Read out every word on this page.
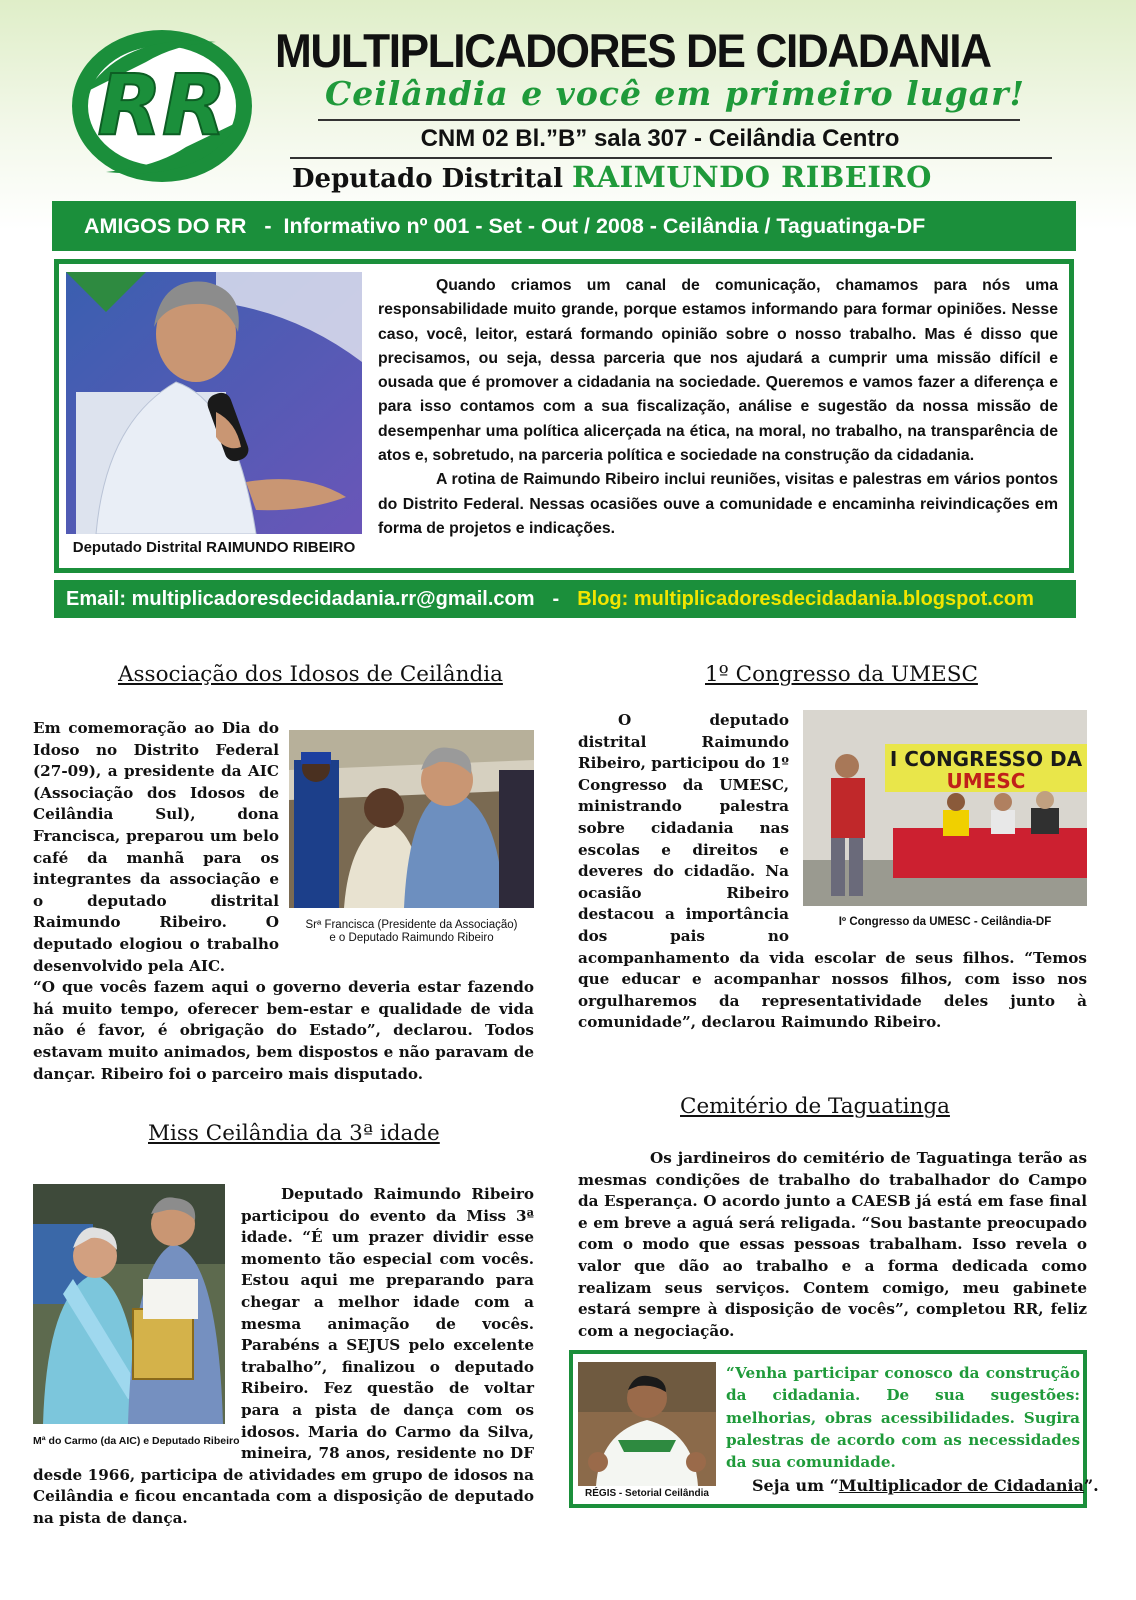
RR
MULTIPLICADORES DE CIDADANIA
Ceilândia e você em primeiro lugar!
CNM 02 Bl.”B” sala 307 - Ceilândia Centro
Deputado Distrital RAIMUNDO RIBEIRO
AMIGOS DO RR   -  Informativo nº 001 - Set - Out / 2008 - Ceilândia / Taguatinga-DF
Deputado Distrital RAIMUNDO RIBEIRO

Quando criamos um canal de comunicação, chamamos para nós uma responsabilidade muito grande, porque estamos informando para formar opiniões. Nesse caso, você, leitor, estará formando opinião sobre o nosso trabalho. Mas é disso que precisamos, ou seja, dessa parceria que nos ajudará a cumprir uma missão difícil e ousada que é promover a cidadania na sociedade. Queremos e vamos fazer a diferença e para isso contamos com a sua fiscalização, análise e sugestão da nossa missão de desempenhar uma política alicerçada na ética, na moral, no trabalho, na transparência de atos e, sobretudo, na parceria política e sociedade na construção da cidadania.

A rotina de Raimundo Ribeiro inclui reuniões, visitas e palestras em vários pontos do Distrito Federal. Nessas ocasiões ouve a comunidade e encaminha reivindicações em forma de projetos e indicações.

Email: multiplicadoresdecidadania.rr@gmail.com - Blog: multiplicadoresdecidadania.blogspot.com
Associação dos Idosos de Ceilândia
Srª Francisca (Presidente da Associação)
e o Deputado Raimundo Ribeiro

Em comemoração ao Dia do Idoso no Distrito Federal (27-09), a presidente da AIC (Associação dos Idosos de Ceilândia Sul), dona Francisca, preparou um belo café da manhã para os integrantes da associação e o deputado distrital Raimundo Ribeiro. O deputado elogiou o trabalho desenvolvido pela AIC.

“O que vocês fazem aqui o governo deveria estar fazendo há muito tempo, oferecer bem-estar e qualidade de vida não é favor, é obrigação do Estado”, declarou. Todos estavam muito animados, bem dispostos e não paravam de dançar. Ribeiro foi o parceiro mais disputado.

1º Congresso da UMESC
I CONGRESSO DA
UMESC
Iº Congresso da UMESC - Ceilândia-DF

O deputado distrital Raimundo Ribeiro, participou do 1º Congresso da UMESC, ministrando palestra sobre cidadania nas escolas e direitos e deveres do cidadão. Na ocasião Ribeiro destacou a importância dos pais no acompanhamento da vida escolar de seus filhos. “Temos que educar e acompanhar nossos filhos, com isso nos orgulharemos da representatividade deles junto à comunidade”, declarou Raimundo Ribeiro.

Miss Ceilândia da 3ª idade
Mª do Carmo (da AIC) e Deputado Ribeiro

Deputado Raimundo Ribeiro participou do evento da Miss 3ª idade. “É um prazer dividir esse momento tão especial com vocês. Estou aqui me preparando para chegar a melhor idade com a mesma animação de vocês. Parabéns a SEJUS pelo excelente trabalho”, finalizou o deputado Ribeiro. Fez questão de voltar para a pista de dança com os idosos. Maria do Carmo da Silva, mineira, 78 anos, residente no DF desde 1966, participa de atividades em grupo de idosos na Ceilândia e ficou encantada com a disposição de deputado na pista de dança.

Cemitério de Taguatinga

Os jardineiros do cemitério de Taguatinga terão as mesmas condições de trabalho do trabalhador do Campo da Esperança. O acordo junto a CAESB já está em fase final e em breve a aguá será religada. “Sou bastante preocupado com o modo que essas pessoas trabalham. Isso revela o valor que dão ao trabalho e a forma dedicada como realizam seus serviços. Contem comigo, meu gabinete estará sempre à disposição de vocês”, completou RR, feliz com a negociação.

RÉGIS - Setorial Ceilândia
“Venha participar conosco da construção da cidadania. De sua sugestões: melhorias, obras acessibilidades. Sugira palestras de acordo com as necessidades da sua comunidade.
Seja um “Multiplicador de Cidadania”.
